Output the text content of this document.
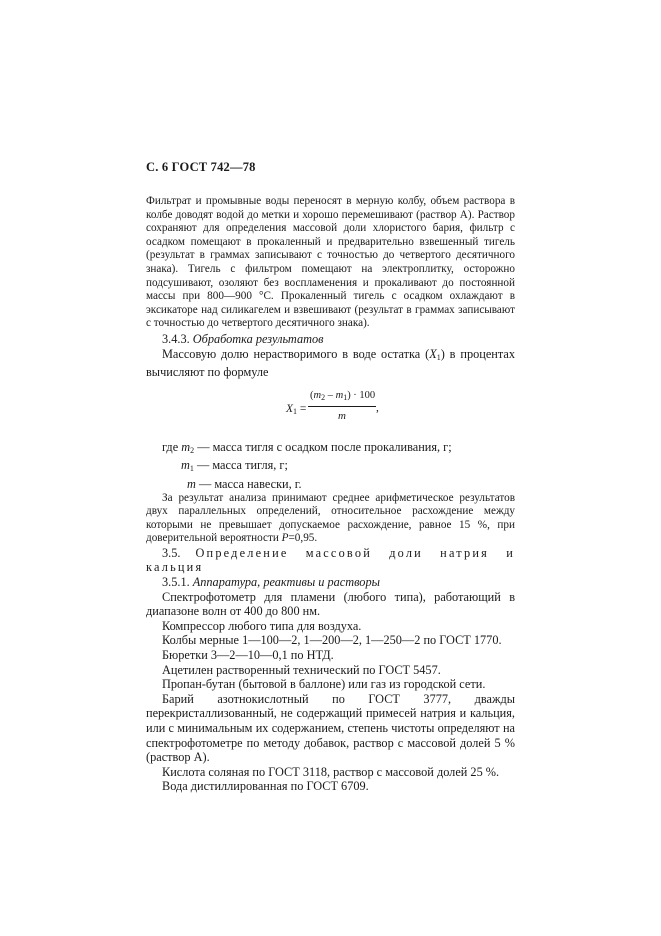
С. 6 ГОСТ 742—78

Фильтрат и промывные воды переносят в мерную колбу, объем раствора в колбе доводят водой до метки и хорошо перемешивают (раствор А). Раствор сохраняют для определения массовой доли хлористого бария, фильтр с осадком помещают в прокаленный и предварительно взвешенный тигель (результат в граммах записывают с точностью до четвертого десятичного знака). Тигель с фильтром помещают на электроплитку, осторожно подсушивают, озоляют без воспламенения и прокаливают до постоянной массы при 800—900 °С. Прокаленный тигель с осадком охлаждают в эксикаторе над силикагелем и взвешивают (результат в граммах записывают с точностью до четвертого десятичного знака).

3.4.3. Обработка результатов

Массовую долю нерастворимого в воде остатка $(X_1)$ в процентах вычисляют по формуле

$X_1$ =
$(m_2 - m_1) \cdot 100$
m
,

где $m_2$ — масса тигля с осадком после прокаливания, г;

$m_1$ — масса тигля, г;

m — масса навески, г.

За результат анализа принимают среднее арифметическое результатов двух параллельных определений, относительное расхождение между которыми не превышает допускаемое расхождение, равное 15 %, при доверительной вероятности Р=0,95.

3.5. Определение массовой доли натрия и кальция

3.5.1. Аппаратура, реактивы и растворы

Спектрофотометр для пламени (любого типа), работающий в диапазоне волн от 400 до 800 нм.

Компрессор любого типа для воздуха.

Колбы мерные 1—100—2, 1—200—2, 1—250—2 по ГОСТ 1770.

Бюретки 3—2—10—0,1 по НТД.

Ацетилен растворенный технический по ГОСТ 5457.

Пропан-бутан (бытовой в баллоне) или газ из городской сети.

Барий азотнокислотный по ГОСТ 3777, дважды перекристаллизованный, не содержащий примесей натрия и кальция, или с минимальным их содержанием, степень чистоты определяют на спектрофотометре по методу добавок, раствор с массовой долей 5 % (раствор А).

Кислота соляная по ГОСТ 3118, раствор с массовой долей 25 %.

Вода дистиллированная по ГОСТ 6709.
